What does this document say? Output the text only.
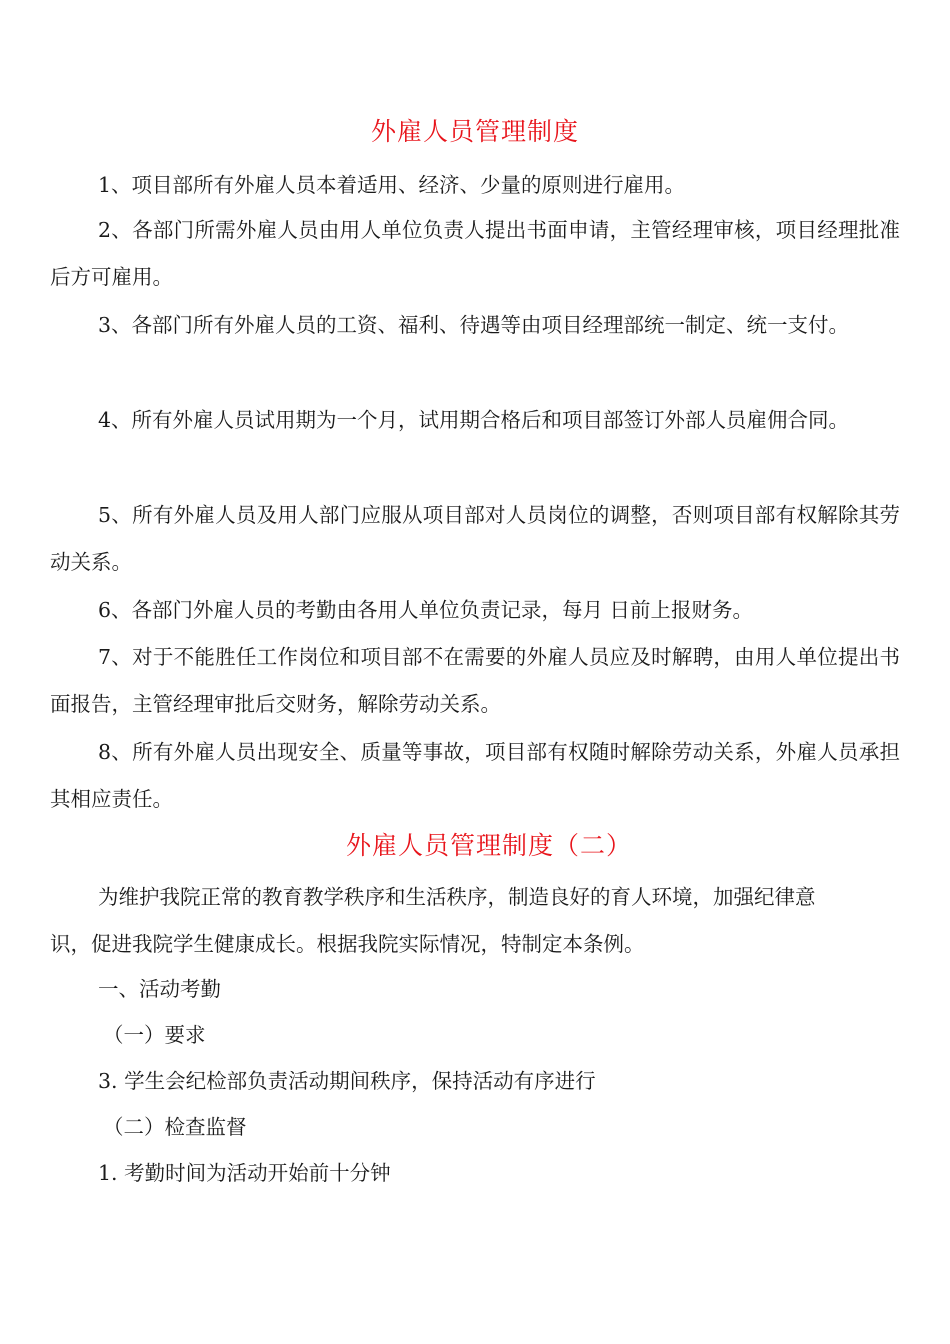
外雇人员管理制度
1、项目部所有外雇人员本着适用、经济、少量的原则进行雇用。
2、各部门所需外雇人员由用人单位负责人提出书面申请，主管经理审核，项目经理批准后方可雇用。
3、各部门所有外雇人员的工资、福利、待遇等由项目经理部统一制定、统一支付。
4、所有外雇人员试用期为一个月，试用期合格后和项目部签订外部人员雇佣合同。
5、所有外雇人员及用人部门应服从项目部对人员岗位的调整，否则项目部有权解除其劳动关系。
6、各部门外雇人员的考勤由各用人单位负责记录，每月 日前上报财务。
7、对于不能胜任工作岗位和项目部不在需要的外雇人员应及时解聘，由用人单位提出书面报告，主管经理审批后交财务，解除劳动关系。
8、所有外雇人员出现安全、质量等事故，项目部有权随时解除劳动关系，外雇人员承担其相应责任。
外雇人员管理制度（二）
为维护我院正常的教育教学秩序和生活秩序，制造良好的育人环境，加强纪律意识，促进我院学生健康成长。根据我院实际情况，特制定本条例。
一、活动考勤
（一）要求
3. 学生会纪检部负责活动期间秩序，保持活动有序进行
（二）检查监督
1. 考勤时间为活动开始前十分钟
